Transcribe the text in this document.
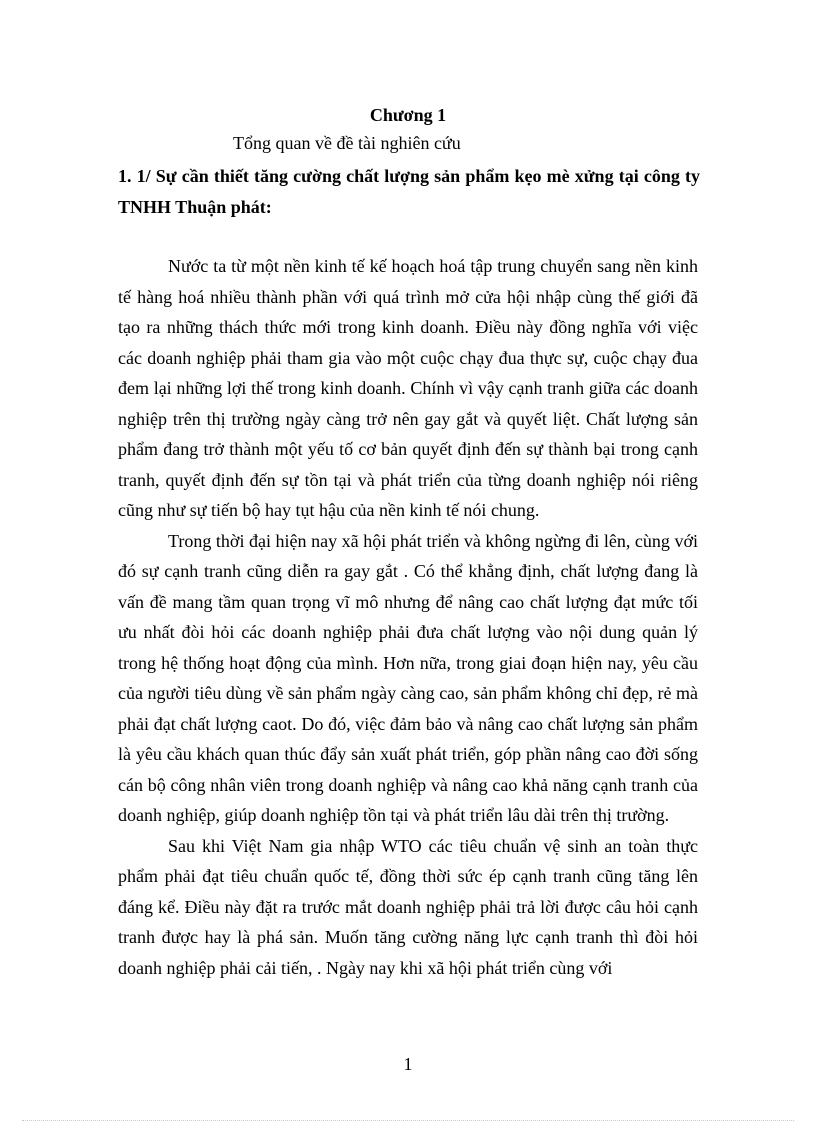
Chương 1
Tổng quan về đề tài nghiên cứu
1. 1/ Sự cần thiết tăng cường chất lượng sản phẩm kẹo mè xửng tại công ty TNHH Thuận phát:

Nước ta từ một nền kinh tế kế hoạch hoá tập trung chuyển sang nền kinh tế hàng hoá nhiều thành phần với quá trình mở cửa hội nhập cùng thế giới đã tạo ra những thách thức mới trong kinh doanh. Điều này đồng nghĩa với việc các doanh nghiệp phải tham gia vào một cuộc chạy đua thực sự, cuộc chạy đua đem lại những lợi thế trong kinh doanh. Chính vì vậy cạnh tranh giữa các doanh nghiệp trên thị trường ngày càng trở nên gay gắt và quyết liệt. Chất lượng sản phẩm đang trở thành một yếu tố cơ bản quyết định đến sự thành bại trong cạnh tranh, quyết định đến sự tồn tại và phát triển của từng doanh nghiệp nói riêng cũng như sự tiến bộ hay tụt hậu của nền kinh tế nói chung.

Trong thời đại hiện nay xã hội phát triển và không ngừng đi lên, cùng với đó sự cạnh tranh cũng diễn ra gay gắt . Có thể khẳng định, chất lượng đang là vấn đề mang tầm quan trọng vĩ mô nhưng để nâng cao chất lượng đạt mức tối ưu nhất đòi hỏi các doanh nghiệp phải đưa chất lượng vào nội dung quản lý trong hệ thống hoạt động của mình. Hơn nữa, trong giai đoạn hiện nay, yêu cầu của người tiêu dùng về sản phẩm ngày càng cao, sản phẩm không chỉ đẹp, rẻ mà phải đạt chất lượng caot. Do đó, việc đảm bảo và nâng cao chất lượng sản phẩm là yêu cầu khách quan thúc đẩy sản xuất phát triển, góp phần nâng cao đời sống cán bộ công nhân viên trong doanh nghiệp và nâng cao khả năng cạnh tranh của doanh nghiệp, giúp doanh nghiệp tồn tại và phát triển lâu dài trên thị trường.

Sau khi Việt Nam gia nhập WTO các tiêu chuẩn vệ sinh an toàn thực phẩm phải đạt tiêu chuẩn quốc tế, đồng thời sức ép cạnh tranh cũng tăng lên đáng kể. Điều này đặt ra trước mắt doanh nghiệp phải trả lời được câu hỏi cạnh tranh được hay là phá sản. Muốn tăng cường năng lực cạnh tranh thì đòi hỏi doanh nghiệp phải cải tiến, . Ngày nay khi xã hội phát triển cùng với

1
